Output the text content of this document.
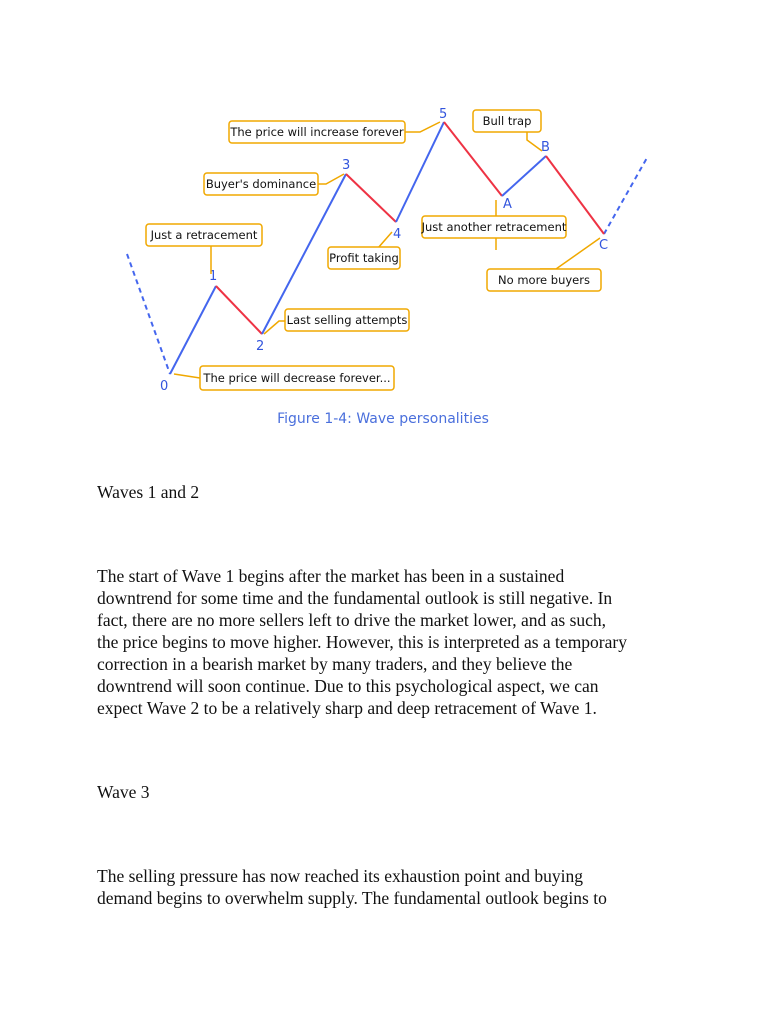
0
1
2
3
4
5
A
B
C
The price will increase forever
Bull trap
Buyer's dominance
Just a retracement
Just another retracement
Profit taking
No more buyers
Last selling attempts
The price will decrease forever...
Figure 1-4: Wave personalities

Waves 1 and 2

The start of Wave 1 begins after the market has been in a sustained

downtrend for some time and the fundamental outlook is still negative. In

fact, there are no more sellers left to drive the market lower, and as such,

the price begins to move higher. However, this is interpreted as a temporary

correction in a bearish market by many traders, and they believe the

downtrend will soon continue. Due to this psychological aspect, we can

expect Wave 2 to be a relatively sharp and deep retracement of Wave 1.

Wave 3

The selling pressure has now reached its exhaustion point and buying

demand begins to overwhelm supply. The fundamental outlook begins to
